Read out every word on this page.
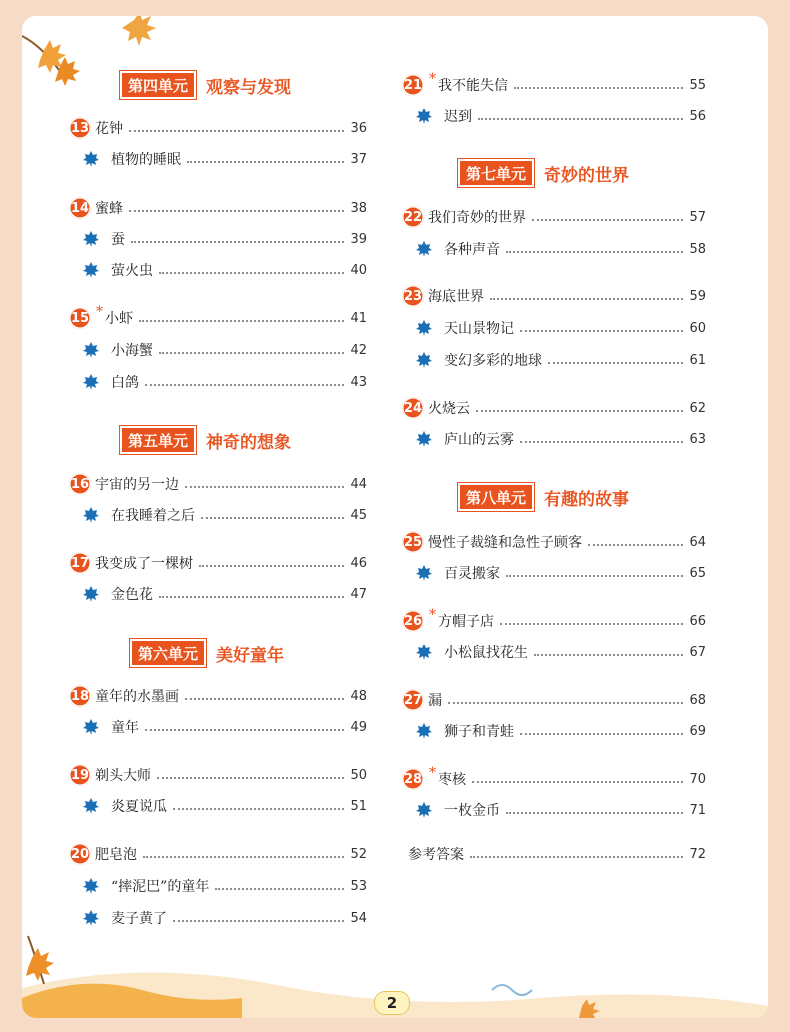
第四单元	观察与发现
13 花钟	36
植物的睡眠	37
14 蜜蜂	38
蚕	39
萤火虫	40
15 * 小虾	41
小海蟹	42
白鸽	43
第五单元	神奇的想象
16 宇宙的另一边	44
在我睡着之后	45
17 我变成了一棵树	46
金色花	47
第六单元	美好童年
18 童年的水墨画	48
童年	49
19 剃头大师	50
炎夏说瓜	51
20 肥皂泡	52
“摔泥巴”的童年	53
麦子黄了	54
21 * 我不能失信	55
迟到	56
第七单元	奇妙的世界
22 我们奇妙的世界	57
各种声音	58
23 海底世界	59
天山景物记	60
变幻多彩的地球	61
24 火烧云	62
庐山的云雾	63
第八单元	有趣的故事
25 慢性子裁缝和急性子顾客	64
百灵搬家	65
26 * 方帽子店	66
小松鼠找花生	67
27 漏	68
狮子和青蛙	69
28 * 枣核	70
一枚金币	71
参考答案	72
2
